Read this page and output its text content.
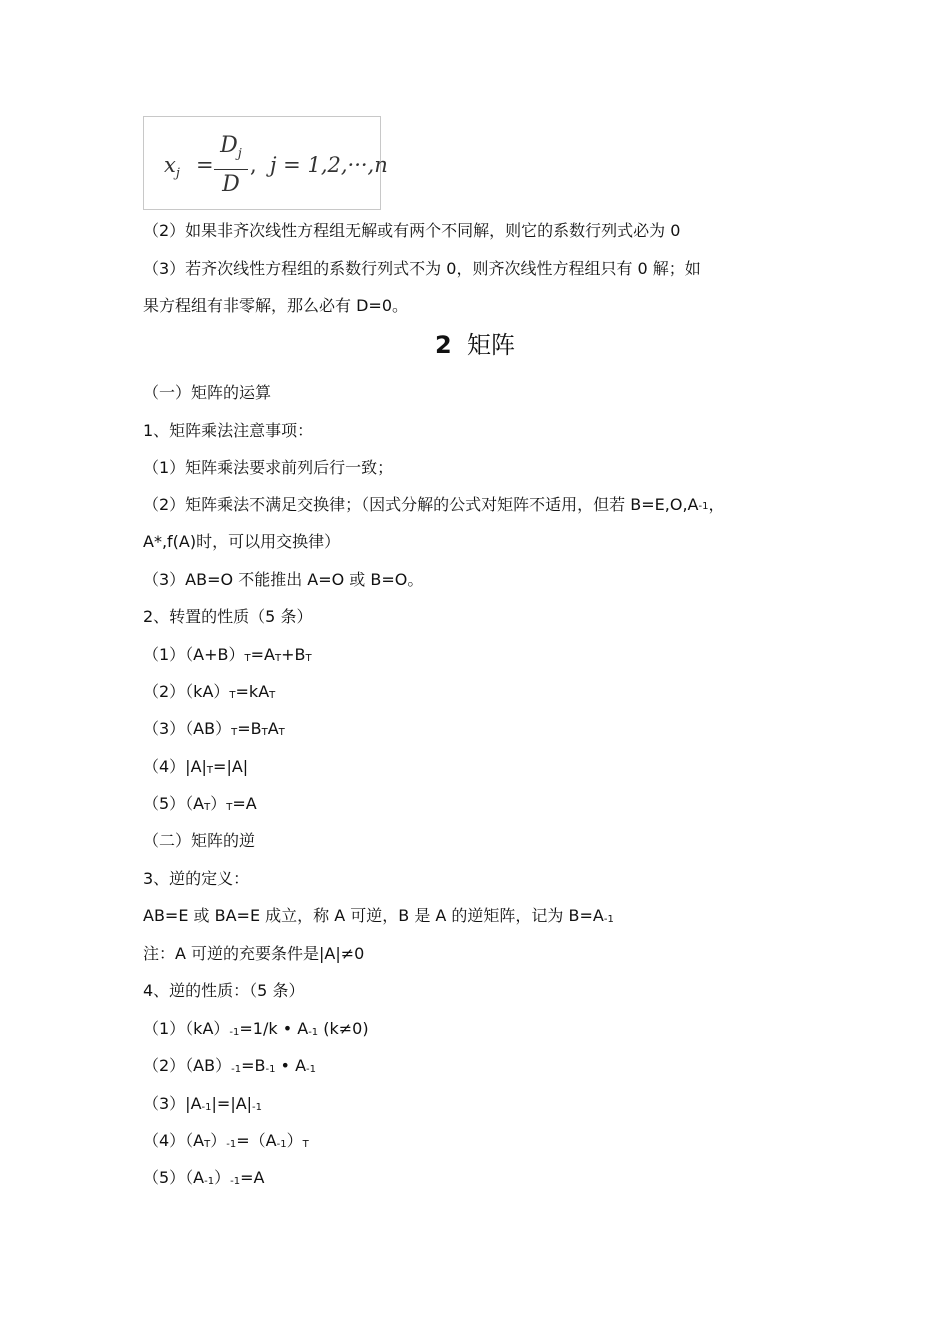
$x_j$ =
$D_j$
D
, j = 1,2,···,n
（2）如果非齐次线性方程组无解或有两个不同解，则它的系数行列式必为 0
（3）若齐次线性方程组的系数行列式不为 0，则齐次线性方程组只有 0 解；如
果方程组有非零解，那么必有 D=0。
2 矩阵
（一）矩阵的运算
1、矩阵乘法注意事项：
（1）矩阵乘法要求前列后行一致；
（2）矩阵乘法不满足交换律；（因式分解的公式对矩阵不适用，但若 $B=E,O,A^{-1}$，
A*,f(A)时，可以用交换律）
（3）AB=O 不能推出 A=O 或 B=O。
2、转置的性质（5 条）
$(1)(A+B)_T=A_T+B_T$
$(2)(kA)_T=kA_T$
$(3)(AB)_T=B_TA_T$
$(4)|A|_T=|A|$
$(5)(A_T)_T=A$
（二）矩阵的逆
3、逆的定义：
AB=E 或 BA=E 成立，称 A 可逆，B 是 A 的逆矩阵，记为 $B=A_{-1}$
注：A 可逆的充要条件是|A|≠0
4、逆的性质：（5 条）
$(1)(kA)_{-1}=1/k$ • $A_{-1}$ (k≠0)
$(2)(AB)_{-1}=B_{-1}$ • $A_{-1}$
$(3)|A_{-1}|=|A|_{-1}$
$(4)(A_T)_{-1}=(A_{-1})_T$
$(5)(A_{-1})_{-1}=A$
